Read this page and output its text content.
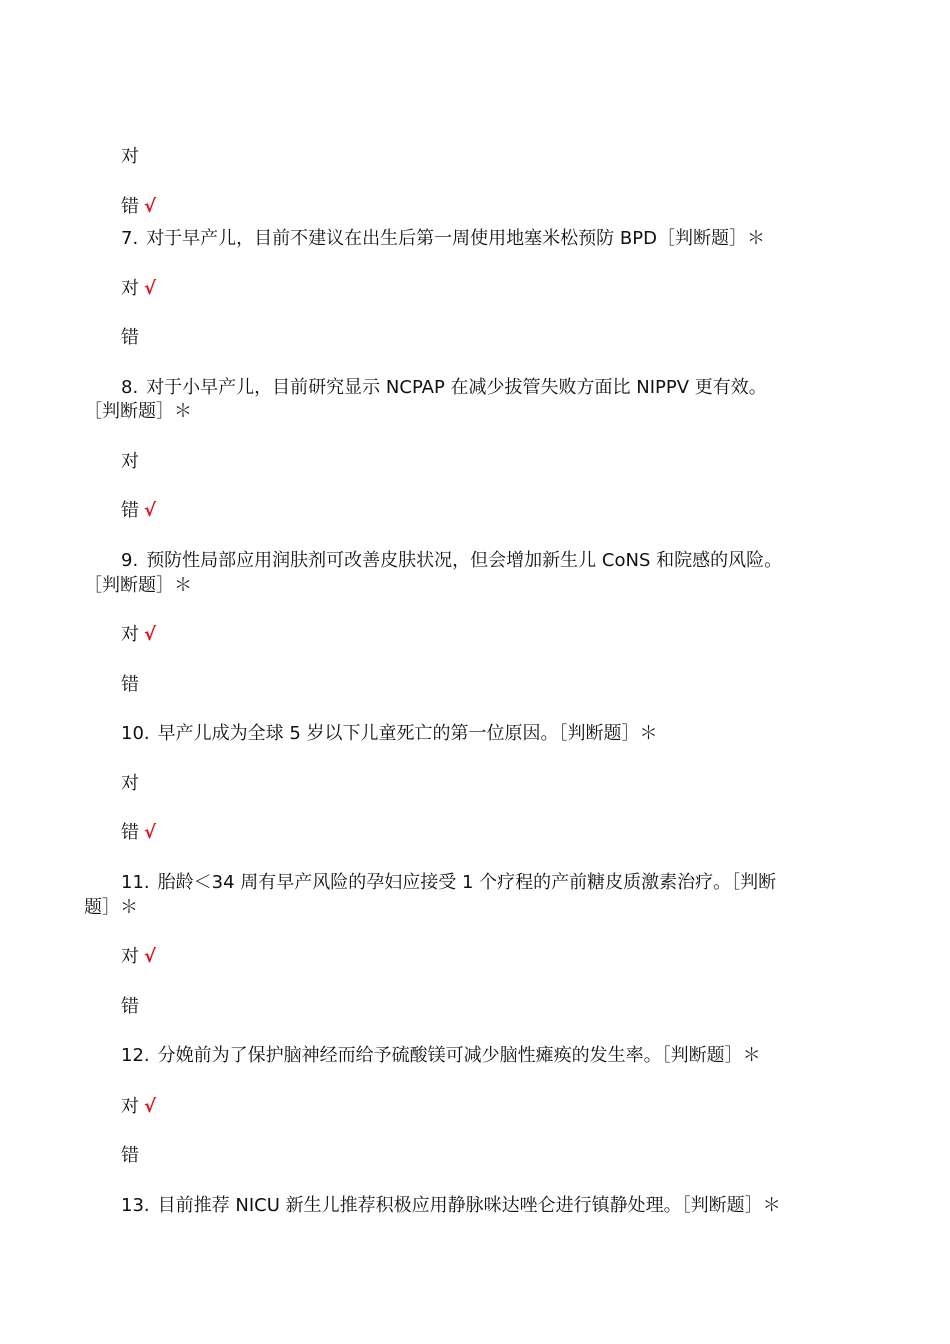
对
错 √
7. 对于早产儿，目前不建议在出生后第一周使用地塞米松预防 BPD［判断题］＊
对 √
错
8. 对于小早产儿，目前研究显示 NCPAP 在减少拔管失败方面比 NIPPV 更有效。
［判断题］＊
对
错 √
9. 预防性局部应用润肤剂可改善皮肤状况，但会增加新生儿 CoNS 和院感的风险。
［判断题］＊
对 √
错
10. 早产儿成为全球 5 岁以下儿童死亡的第一位原因。［判断题］＊
对
错 √
11. 胎龄＜34 周有早产风险的孕妇应接受 1 个疗程的产前糖皮质激素治疗。［判断
题］＊
对 √
错
12. 分娩前为了保护脑神经而给予硫酸镁可减少脑性瘫痪的发生率。［判断题］＊
对 √
错
13. 目前推荐 NICU 新生儿推荐积极应用静脉咪达唑仑进行镇静处理。［判断题］＊
